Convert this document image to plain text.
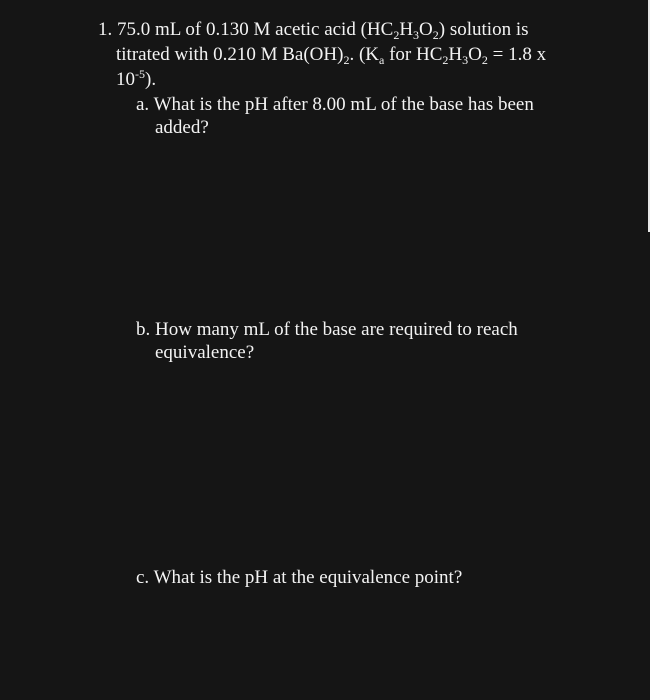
1. 75.0 mL of 0.130 M acetic acid $(HC_2H_3O_2)$ solution is
titrated with 0.210 M $Ba(OH)_2$. ($K_a$ for $HC_2H_3O_2 = 1.8$ x
$10^{-5}$).
a. What is the pH after 8.00 mL of the base has been
added?
b. How many mL of the base are required to reach
equivalence?
c. What is the pH at the equivalence point?
